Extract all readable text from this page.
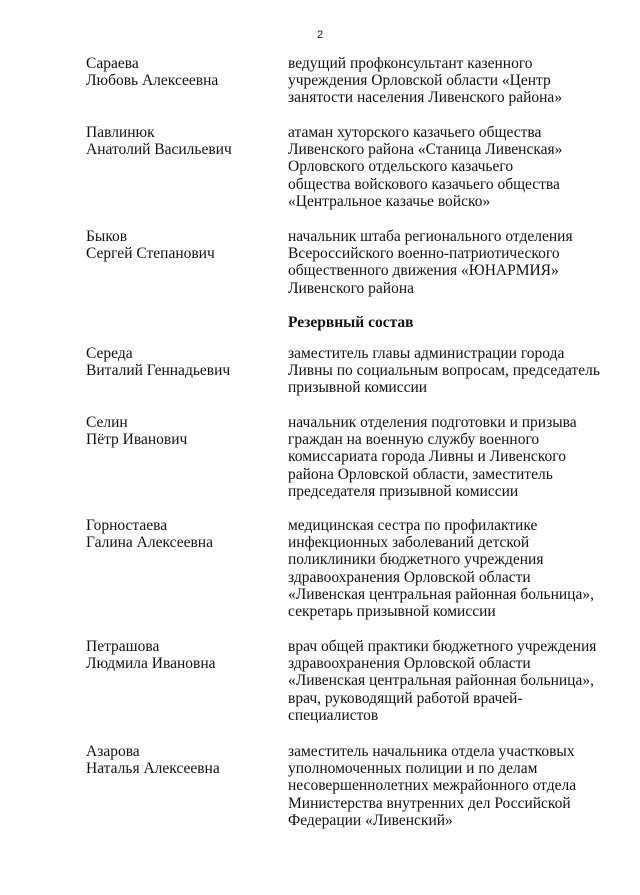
2
Сараева
Любовь Алексеевна
ведущий профконсультант казенного
учреждения Орловской области «Центр
занятости населения Ливенского района»
Павлинюк
Анатолий Васильевич
атаман хуторского казачьего общества
Ливенского района «Станица Ливенская»
Орловского отдельского казачьего
общества войскового казачьего общества
«Центральное казачье войско»
Быков
Сергей Степанович
начальник штаба регионального отделения
Всероссийского военно-патриотического
общественного движения «ЮНАРМИЯ»
Ливенского района
Резервный состав
Середа
Виталий Геннадьевич
заместитель главы администрации города
Ливны по социальным вопросам, председатель
призывной комиссии
Селин
Пётр Иванович
начальник отделения подготовки и призыва
граждан на военную службу военного
комиссариата города Ливны и Ливенского
района Орловской области, заместитель
председателя призывной комиссии
Горностаева
Галина Алексеевна
медицинская сестра по профилактике
инфекционных заболеваний детской
поликлиники бюджетного учреждения
здравоохранения Орловской области
«Ливенская центральная районная больница»,
секретарь призывной комиссии
Петрашова
Людмила Ивановна
врач общей практики бюджетного учреждения
здравоохранения Орловской области
«Ливенская центральная районная больница»,
врач, руководящий работой врачей-
специалистов
Азарова
Наталья Алексеевна
заместитель начальника отдела участковых
уполномоченных полиции и по делам
несовершеннолетних межрайонного отдела
Министерства внутренних дел Российской
Федерации «Ливенский»
